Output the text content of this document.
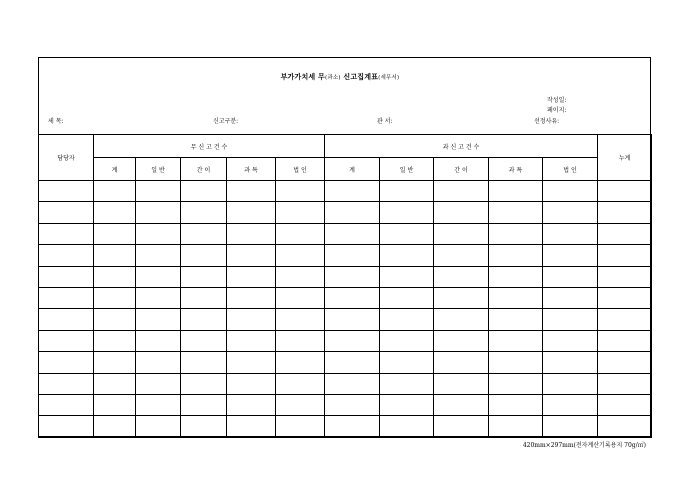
부가가치세 무(과소) 신고집계표(세무서)
작성일:
페이지:
세 목:	신고구분:	관 서:	선정사유:
담당자	무 신 고 건 수					과 신 고 건 수					누계
	계	일 반	간 이	과 특	법 인	계	일 반	간 이	과 특	법 인	

420mm×297mm(전자계산기록용지 70g/㎡)
